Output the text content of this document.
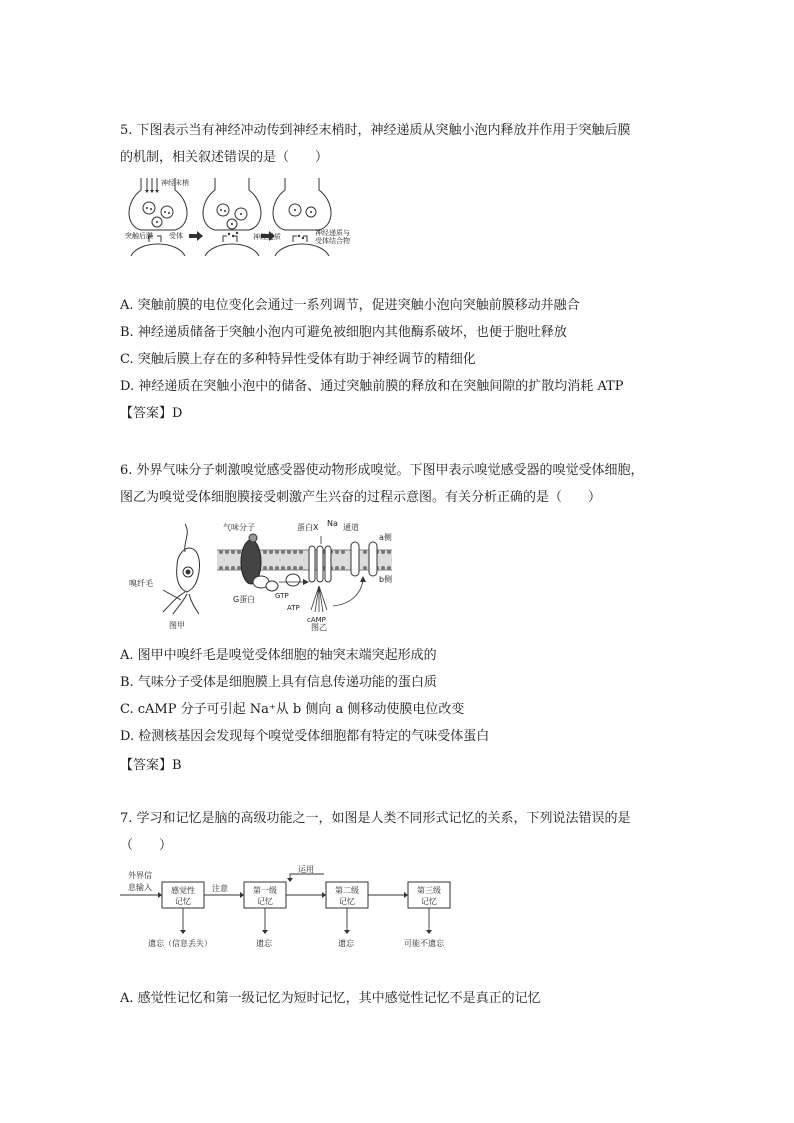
5. 下图表示当有神经冲动传到神经末梢时，神经递质从突触小泡内释放并作用于突触后膜

的机制，相关叙述错误的是（　　）

神经末梢
突触后膜 受体	神经递质	神经递质与
受体结合物

A. 突触前膜的电位变化会通过一系列调节，促进突触小泡向突触前膜移动并融合

B. 神经递质储备于突触小泡内可避免被细胞内其他酶系破坏，也便于胞吐释放

C. 突触后膜上存在的多种特异性受体有助于神经调节的精细化

D. 神经递质在突触小泡中的储备、通过突触前膜的释放和在突触间隙的扩散均消耗 ATP

【答案】D

6. 外界气味分子刺激嗅觉感受器使动物形成嗅觉。下图甲表示嗅觉感受器的嗅觉受体细胞，

图乙为嗅觉受体细胞膜接受刺激产生兴奋的过程示意图。有关分析正确的是（　　）

嗅纤毛
图甲
气味分子	蛋白X Na 通道
a侧
b侧
GTP
G蛋白
ATP
cAMP
图乙

A. 图甲中嗅纤毛是嗅觉受体细胞的轴突末端突起形成的

B. 气味分子受体是细胞膜上具有信息传递功能的蛋白质

C. cAMP 分子可引起 Na⁺从 b 侧向 a 侧移动使膜电位改变

D. 检测核基因会发现每个嗅觉受体细胞都有特定的气味受体蛋白

【答案】B

7. 学习和记忆是脑的高级功能之一，如图是人类不同形式记忆的关系，下列说法错误的是

（　　）

外界信
息输入 感觉性
记忆
注意	第一级
记忆
运用
第二级
记忆
第三级
记忆
遗忘（信息丢失）	遗忘	遗忘	可能不遗忘

A. 感觉性记忆和第一级记忆为短时记忆，其中感觉性记忆不是真正的记忆
